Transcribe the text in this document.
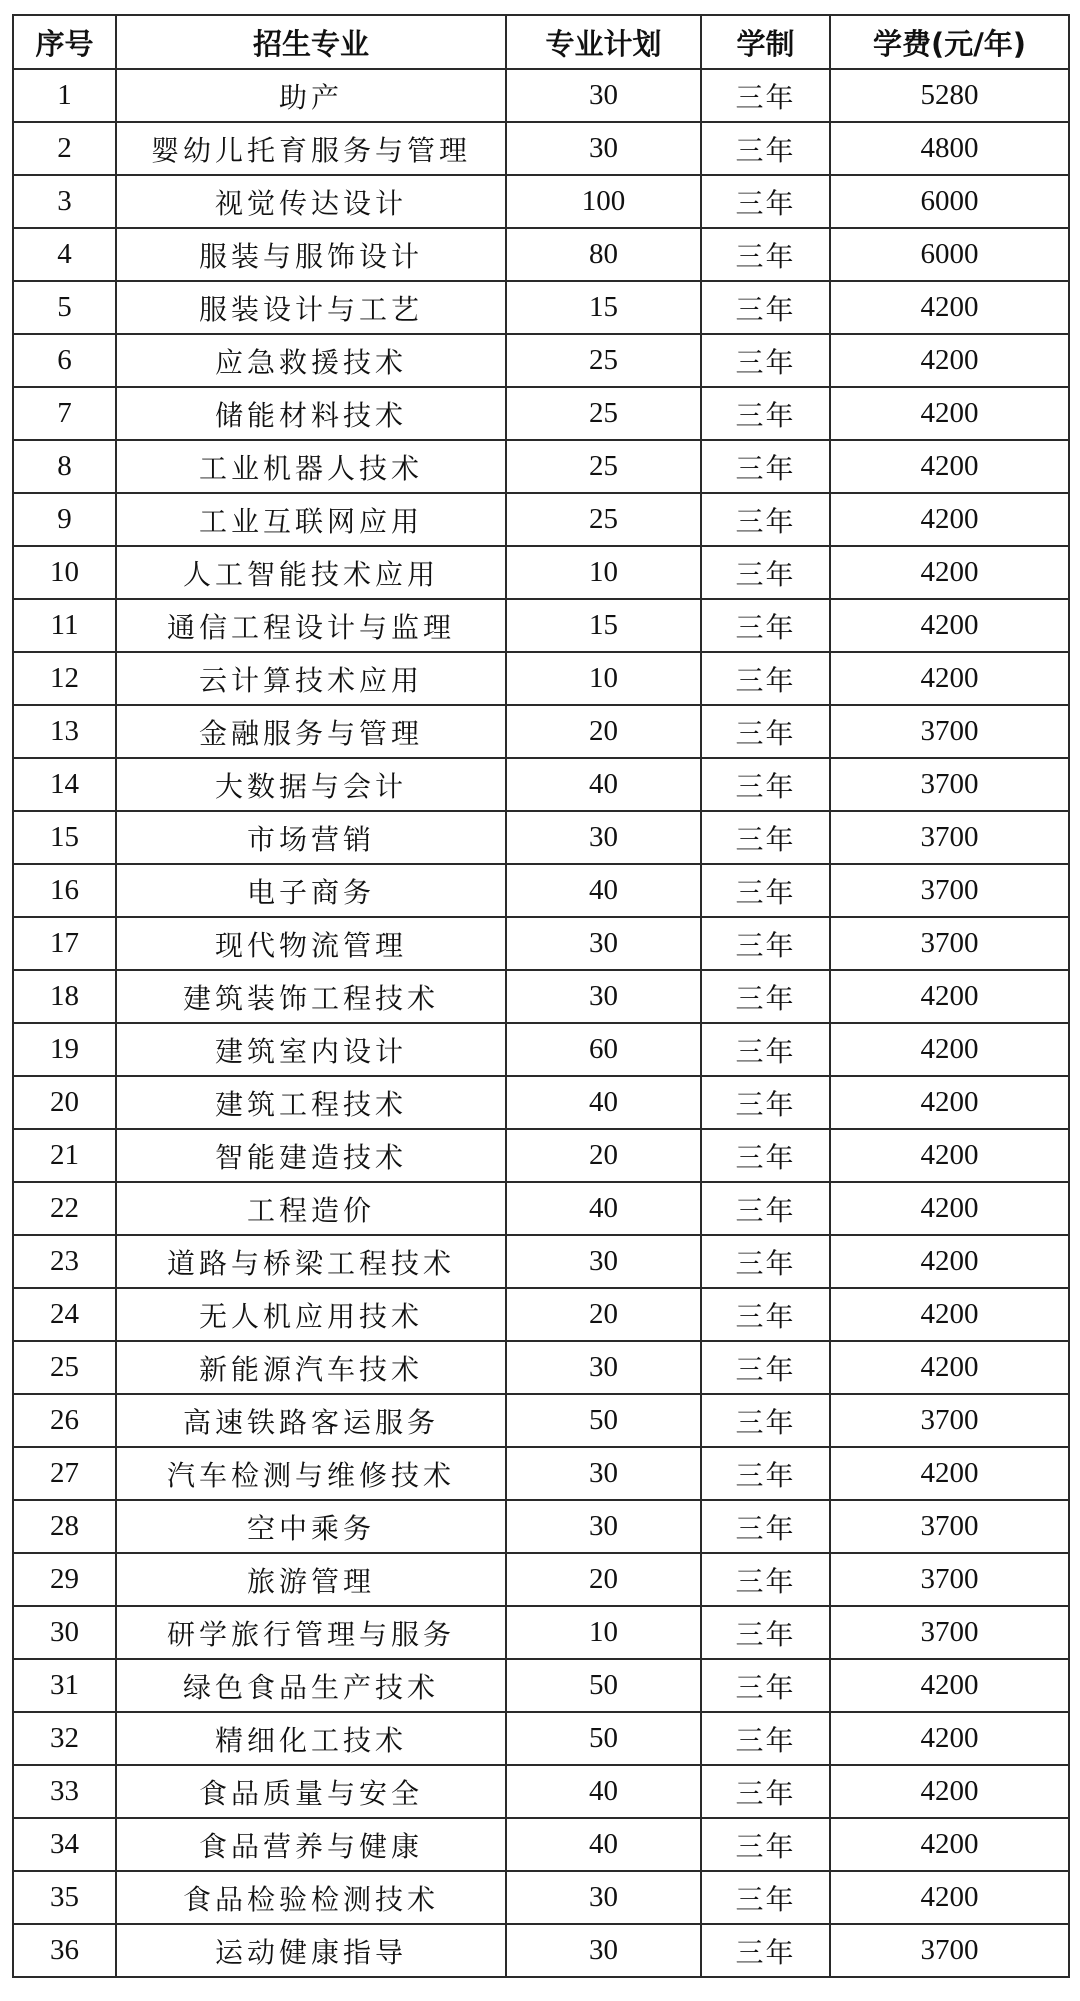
序号	招生专业	专业计划	学制	学费(元/年)
1	助产	30	三年	5280
2	婴幼儿托育服务与管理	30	三年	4800
3	视觉传达设计	100	三年	6000
4	服装与服饰设计	80	三年	6000
5	服装设计与工艺	15	三年	4200
6	应急救援技术	25	三年	4200
7	储能材料技术	25	三年	4200
8	工业机器人技术	25	三年	4200
9	工业互联网应用	25	三年	4200
10	人工智能技术应用	10	三年	4200
11	通信工程设计与监理	15	三年	4200
12	云计算技术应用	10	三年	4200
13	金融服务与管理	20	三年	3700
14	大数据与会计	40	三年	3700
15	市场营销	30	三年	3700
16	电子商务	40	三年	3700
17	现代物流管理	30	三年	3700
18	建筑装饰工程技术	30	三年	4200
19	建筑室内设计	60	三年	4200
20	建筑工程技术	40	三年	4200
21	智能建造技术	20	三年	4200
22	工程造价	40	三年	4200
23	道路与桥梁工程技术	30	三年	4200
24	无人机应用技术	20	三年	4200
25	新能源汽车技术	30	三年	4200
26	高速铁路客运服务	50	三年	3700
27	汽车检测与维修技术	30	三年	4200
28	空中乘务	30	三年	3700
29	旅游管理	20	三年	3700
30	研学旅行管理与服务	10	三年	3700
31	绿色食品生产技术	50	三年	4200
32	精细化工技术	50	三年	4200
33	食品质量与安全	40	三年	4200
34	食品营养与健康	40	三年	4200
35	食品检验检测技术	30	三年	4200
36	运动健康指导	30	三年	3700
